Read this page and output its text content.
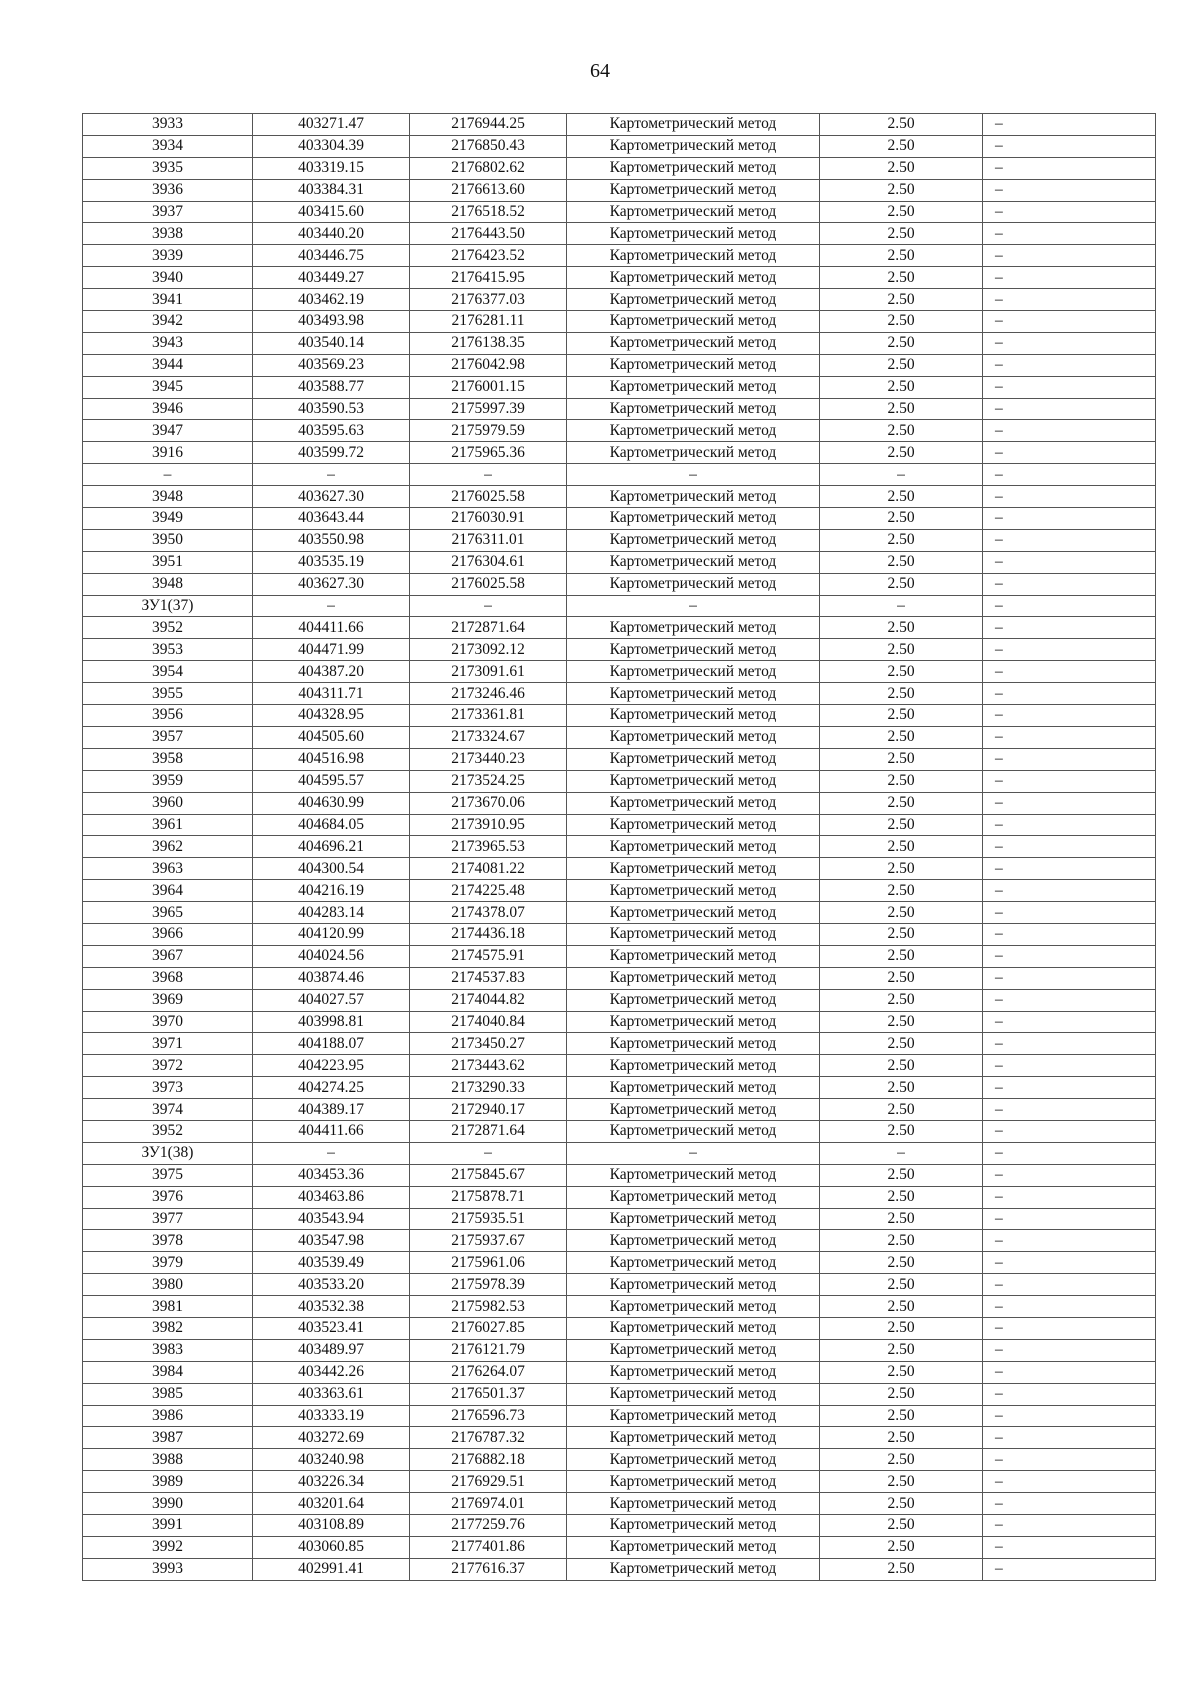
64
3933	403271.47	2176944.25	Картометрический метод	2.50	–
3934	403304.39	2176850.43	Картометрический метод	2.50	–
3935	403319.15	2176802.62	Картометрический метод	2.50	–
3936	403384.31	2176613.60	Картометрический метод	2.50	–
3937	403415.60	2176518.52	Картометрический метод	2.50	–
3938	403440.20	2176443.50	Картометрический метод	2.50	–
3939	403446.75	2176423.52	Картометрический метод	2.50	–
3940	403449.27	2176415.95	Картометрический метод	2.50	–
3941	403462.19	2176377.03	Картометрический метод	2.50	–
3942	403493.98	2176281.11	Картометрический метод	2.50	–
3943	403540.14	2176138.35	Картометрический метод	2.50	–
3944	403569.23	2176042.98	Картометрический метод	2.50	–
3945	403588.77	2176001.15	Картометрический метод	2.50	–
3946	403590.53	2175997.39	Картометрический метод	2.50	–
3947	403595.63	2175979.59	Картометрический метод	2.50	–
3916	403599.72	2175965.36	Картометрический метод	2.50	–
–	–	–	–	–	–
3948	403627.30	2176025.58	Картометрический метод	2.50	–
3949	403643.44	2176030.91	Картометрический метод	2.50	–
3950	403550.98	2176311.01	Картометрический метод	2.50	–
3951	403535.19	2176304.61	Картометрический метод	2.50	–
3948	403627.30	2176025.58	Картометрический метод	2.50	–
ЗУ1(37)	–	–	–	–	–
3952	404411.66	2172871.64	Картометрический метод	2.50	–
3953	404471.99	2173092.12	Картометрический метод	2.50	–
3954	404387.20	2173091.61	Картометрический метод	2.50	–
3955	404311.71	2173246.46	Картометрический метод	2.50	–
3956	404328.95	2173361.81	Картометрический метод	2.50	–
3957	404505.60	2173324.67	Картометрический метод	2.50	–
3958	404516.98	2173440.23	Картометрический метод	2.50	–
3959	404595.57	2173524.25	Картометрический метод	2.50	–
3960	404630.99	2173670.06	Картометрический метод	2.50	–
3961	404684.05	2173910.95	Картометрический метод	2.50	–
3962	404696.21	2173965.53	Картометрический метод	2.50	–
3963	404300.54	2174081.22	Картометрический метод	2.50	–
3964	404216.19	2174225.48	Картометрический метод	2.50	–
3965	404283.14	2174378.07	Картометрический метод	2.50	–
3966	404120.99	2174436.18	Картометрический метод	2.50	–
3967	404024.56	2174575.91	Картометрический метод	2.50	–
3968	403874.46	2174537.83	Картометрический метод	2.50	–
3969	404027.57	2174044.82	Картометрический метод	2.50	–
3970	403998.81	2174040.84	Картометрический метод	2.50	–
3971	404188.07	2173450.27	Картометрический метод	2.50	–
3972	404223.95	2173443.62	Картометрический метод	2.50	–
3973	404274.25	2173290.33	Картометрический метод	2.50	–
3974	404389.17	2172940.17	Картометрический метод	2.50	–
3952	404411.66	2172871.64	Картометрический метод	2.50	–
ЗУ1(38)	–	–	–	–	–
3975	403453.36	2175845.67	Картометрический метод	2.50	–
3976	403463.86	2175878.71	Картометрический метод	2.50	–
3977	403543.94	2175935.51	Картометрический метод	2.50	–
3978	403547.98	2175937.67	Картометрический метод	2.50	–
3979	403539.49	2175961.06	Картометрический метод	2.50	–
3980	403533.20	2175978.39	Картометрический метод	2.50	–
3981	403532.38	2175982.53	Картометрический метод	2.50	–
3982	403523.41	2176027.85	Картометрический метод	2.50	–
3983	403489.97	2176121.79	Картометрический метод	2.50	–
3984	403442.26	2176264.07	Картометрический метод	2.50	–
3985	403363.61	2176501.37	Картометрический метод	2.50	–
3986	403333.19	2176596.73	Картометрический метод	2.50	–
3987	403272.69	2176787.32	Картометрический метод	2.50	–
3988	403240.98	2176882.18	Картометрический метод	2.50	–
3989	403226.34	2176929.51	Картометрический метод	2.50	–
3990	403201.64	2176974.01	Картометрический метод	2.50	–
3991	403108.89	2177259.76	Картометрический метод	2.50	–
3992	403060.85	2177401.86	Картометрический метод	2.50	–
3993	402991.41	2177616.37	Картометрический метод	2.50	–
